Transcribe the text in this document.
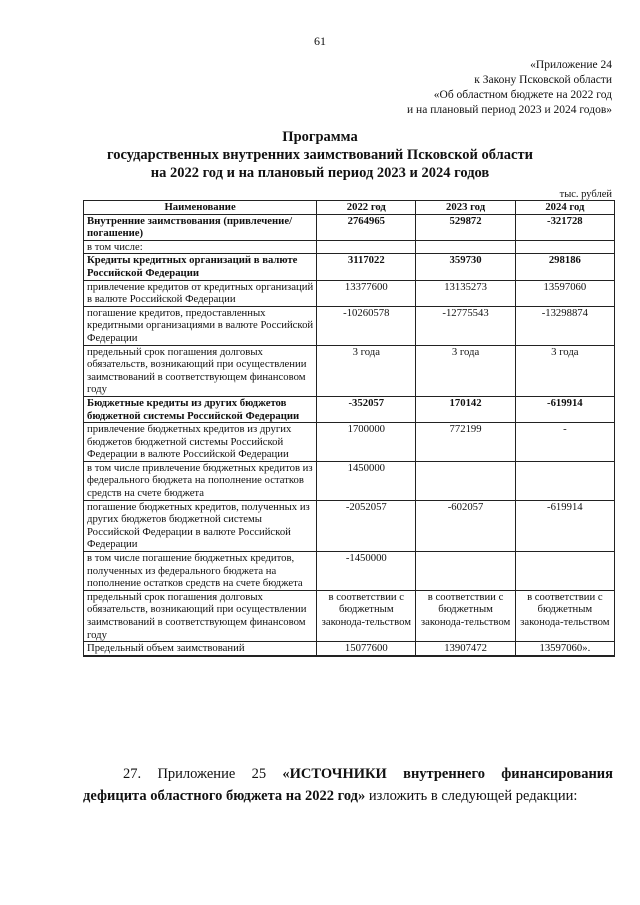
61
«Приложение 24
к Закону Псковской области
«Об областном бюджете на 2022 год
и на плановый период 2023 и 2024 годов»
Программа
государственных внутренних заимствований Псковской области
на 2022 год и на плановый период 2023 и 2024 годов
тыс. рублей
Наименование	2022 год	2023 год	2024 год
Внутренние заимствования (привлечение/погашение)	2764965	529872	-321728
в том числе:			
Кредиты кредитных организаций в валюте Российской Федерации	3117022	359730	298186
привлечение кредитов от кредитных организаций в валюте Российской Федерации	13377600	13135273	13597060
погашение кредитов, предоставленных кредитными организациями в валюте Российской Федерации	-10260578	-12775543	-13298874
предельный срок погашения долговых обязательств, возникающий при осуществлении заимствований в соответствующем финансовом году	3 года	3 года	3 года
Бюджетные кредиты из других бюджетов бюджетной системы Российской Федерации	-352057	170142	-619914
привлечение бюджетных кредитов из других бюджетов бюджетной системы Российской Федерации в валюте Российской Федерации	1700000	772199	-
в том числе привлечение бюджетных кредитов из федерального бюджета на пополнение остатков средств на счете бюджета	1450000		
погашение бюджетных кредитов, полученных из других бюджетов бюджетной системы Российской Федерации в валюте Российской Федерации	-2052057	-602057	-619914
в том числе погашение бюджетных кредитов, полученных из федерального бюджета на пополнение остатков средств на счете бюджета	-1450000		
предельный срок погашения долговых обязательств, возникающий при осуществлении заимствований в соответствующем финансовом году	в соответствии с бюджетным законода-тельством	в соответствии с бюджетным законода-тельством	в соответствии с бюджетным законода-тельством
Предельный объем заимствований	15077600	13907472	13597060».

27. Приложение 25 «ИСТОЧНИКИ внутреннего финансирования дефицита областного бюджета на 2022 год» изложить в следующей редакции:
